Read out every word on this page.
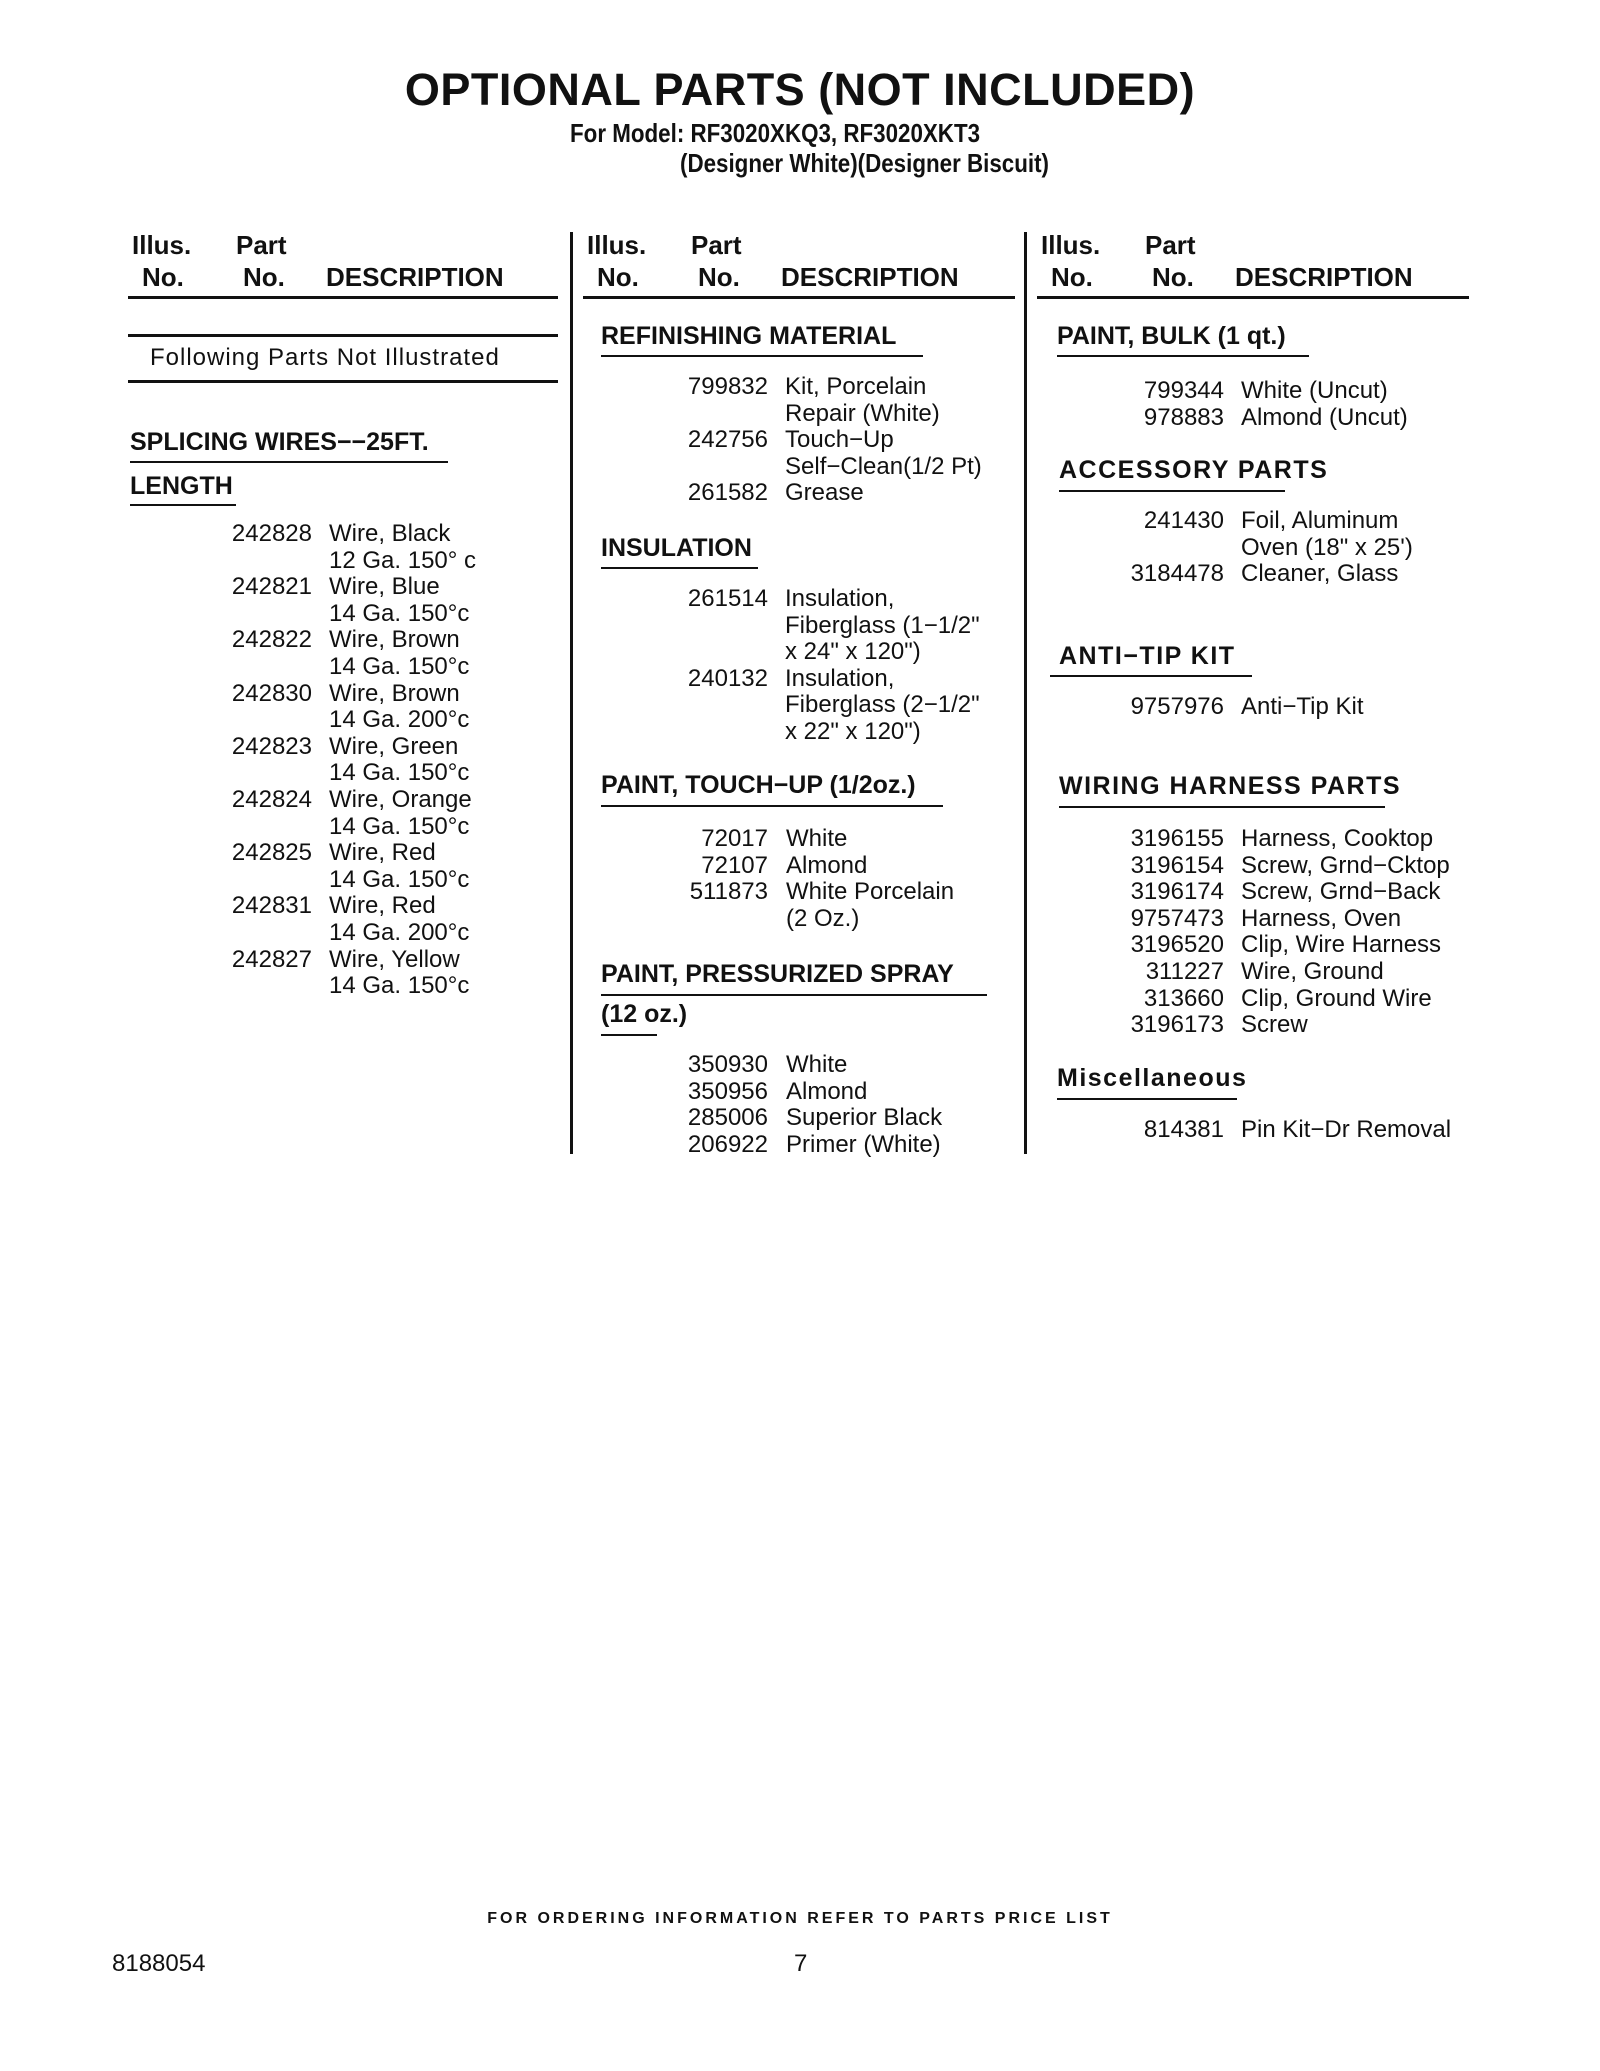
OPTIONAL PARTS (NOT INCLUDED)
For Model: RF3020XKQ3, RF3020XKT3
(Designer White)(Designer Biscuit)
Illus.
No.
Part
No. DESCRIPTION
Illus.
No.
Part
No. DESCRIPTION
Illus.
No.
Part
No. DESCRIPTION
Following Parts Not Illustrated
SPLICING WIRES−−25FT.
LENGTH
242828 Wire, Black
12 Ga. 150° c
242821 Wire, Blue
14 Ga. 150°c
242822 Wire, Brown
14 Ga. 150°c
242830 Wire, Brown
14 Ga. 200°c
242823 Wire, Green
14 Ga. 150°c
242824 Wire, Orange
14 Ga. 150°c
242825 Wire, Red
14 Ga. 150°c
242831 Wire, Red
14 Ga. 200°c
242827 Wire, Yellow
14 Ga. 150°c
REFINISHING MATERIAL
799832 Kit, Porcelain
Repair (White)
242756 Touch−Up
Self−Clean(1/2 Pt)
261582 Grease
INSULATION
261514 Insulation,
Fiberglass (1−1/2"
x 24" x 120")
240132 Insulation,
Fiberglass (2−1/2"
x 22" x 120")
PAINT, TOUCH−UP (1/2oz.)
72017 White
72107 Almond
511873 White Porcelain
(2 Oz.)
PAINT, PRESSURIZED SPRAY
(12 oz.)
350930 White
350956 Almond
285006 Superior Black
206922 Primer (White)
PAINT, BULK (1 qt.)
799344 White (Uncut)
978883 Almond (Uncut)
ACCESSORY PARTS
241430 Foil, Aluminum
Oven (18" x 25')
3184478 Cleaner, Glass
ANTI−TIP KIT
9757976 Anti−Tip Kit
WIRING HARNESS PARTS
3196155 Harness, Cooktop
3196154 Screw, Grnd−Cktop
3196174 Screw, Grnd−Back
9757473 Harness, Oven
3196520 Clip, Wire Harness
311227 Wire, Ground
313660 Clip, Ground Wire
3196173 Screw
Miscellaneous
814381 Pin Kit−Dr Removal
FOR ORDERING INFORMATION REFER TO PARTS PRICE LIST
8188054	7
